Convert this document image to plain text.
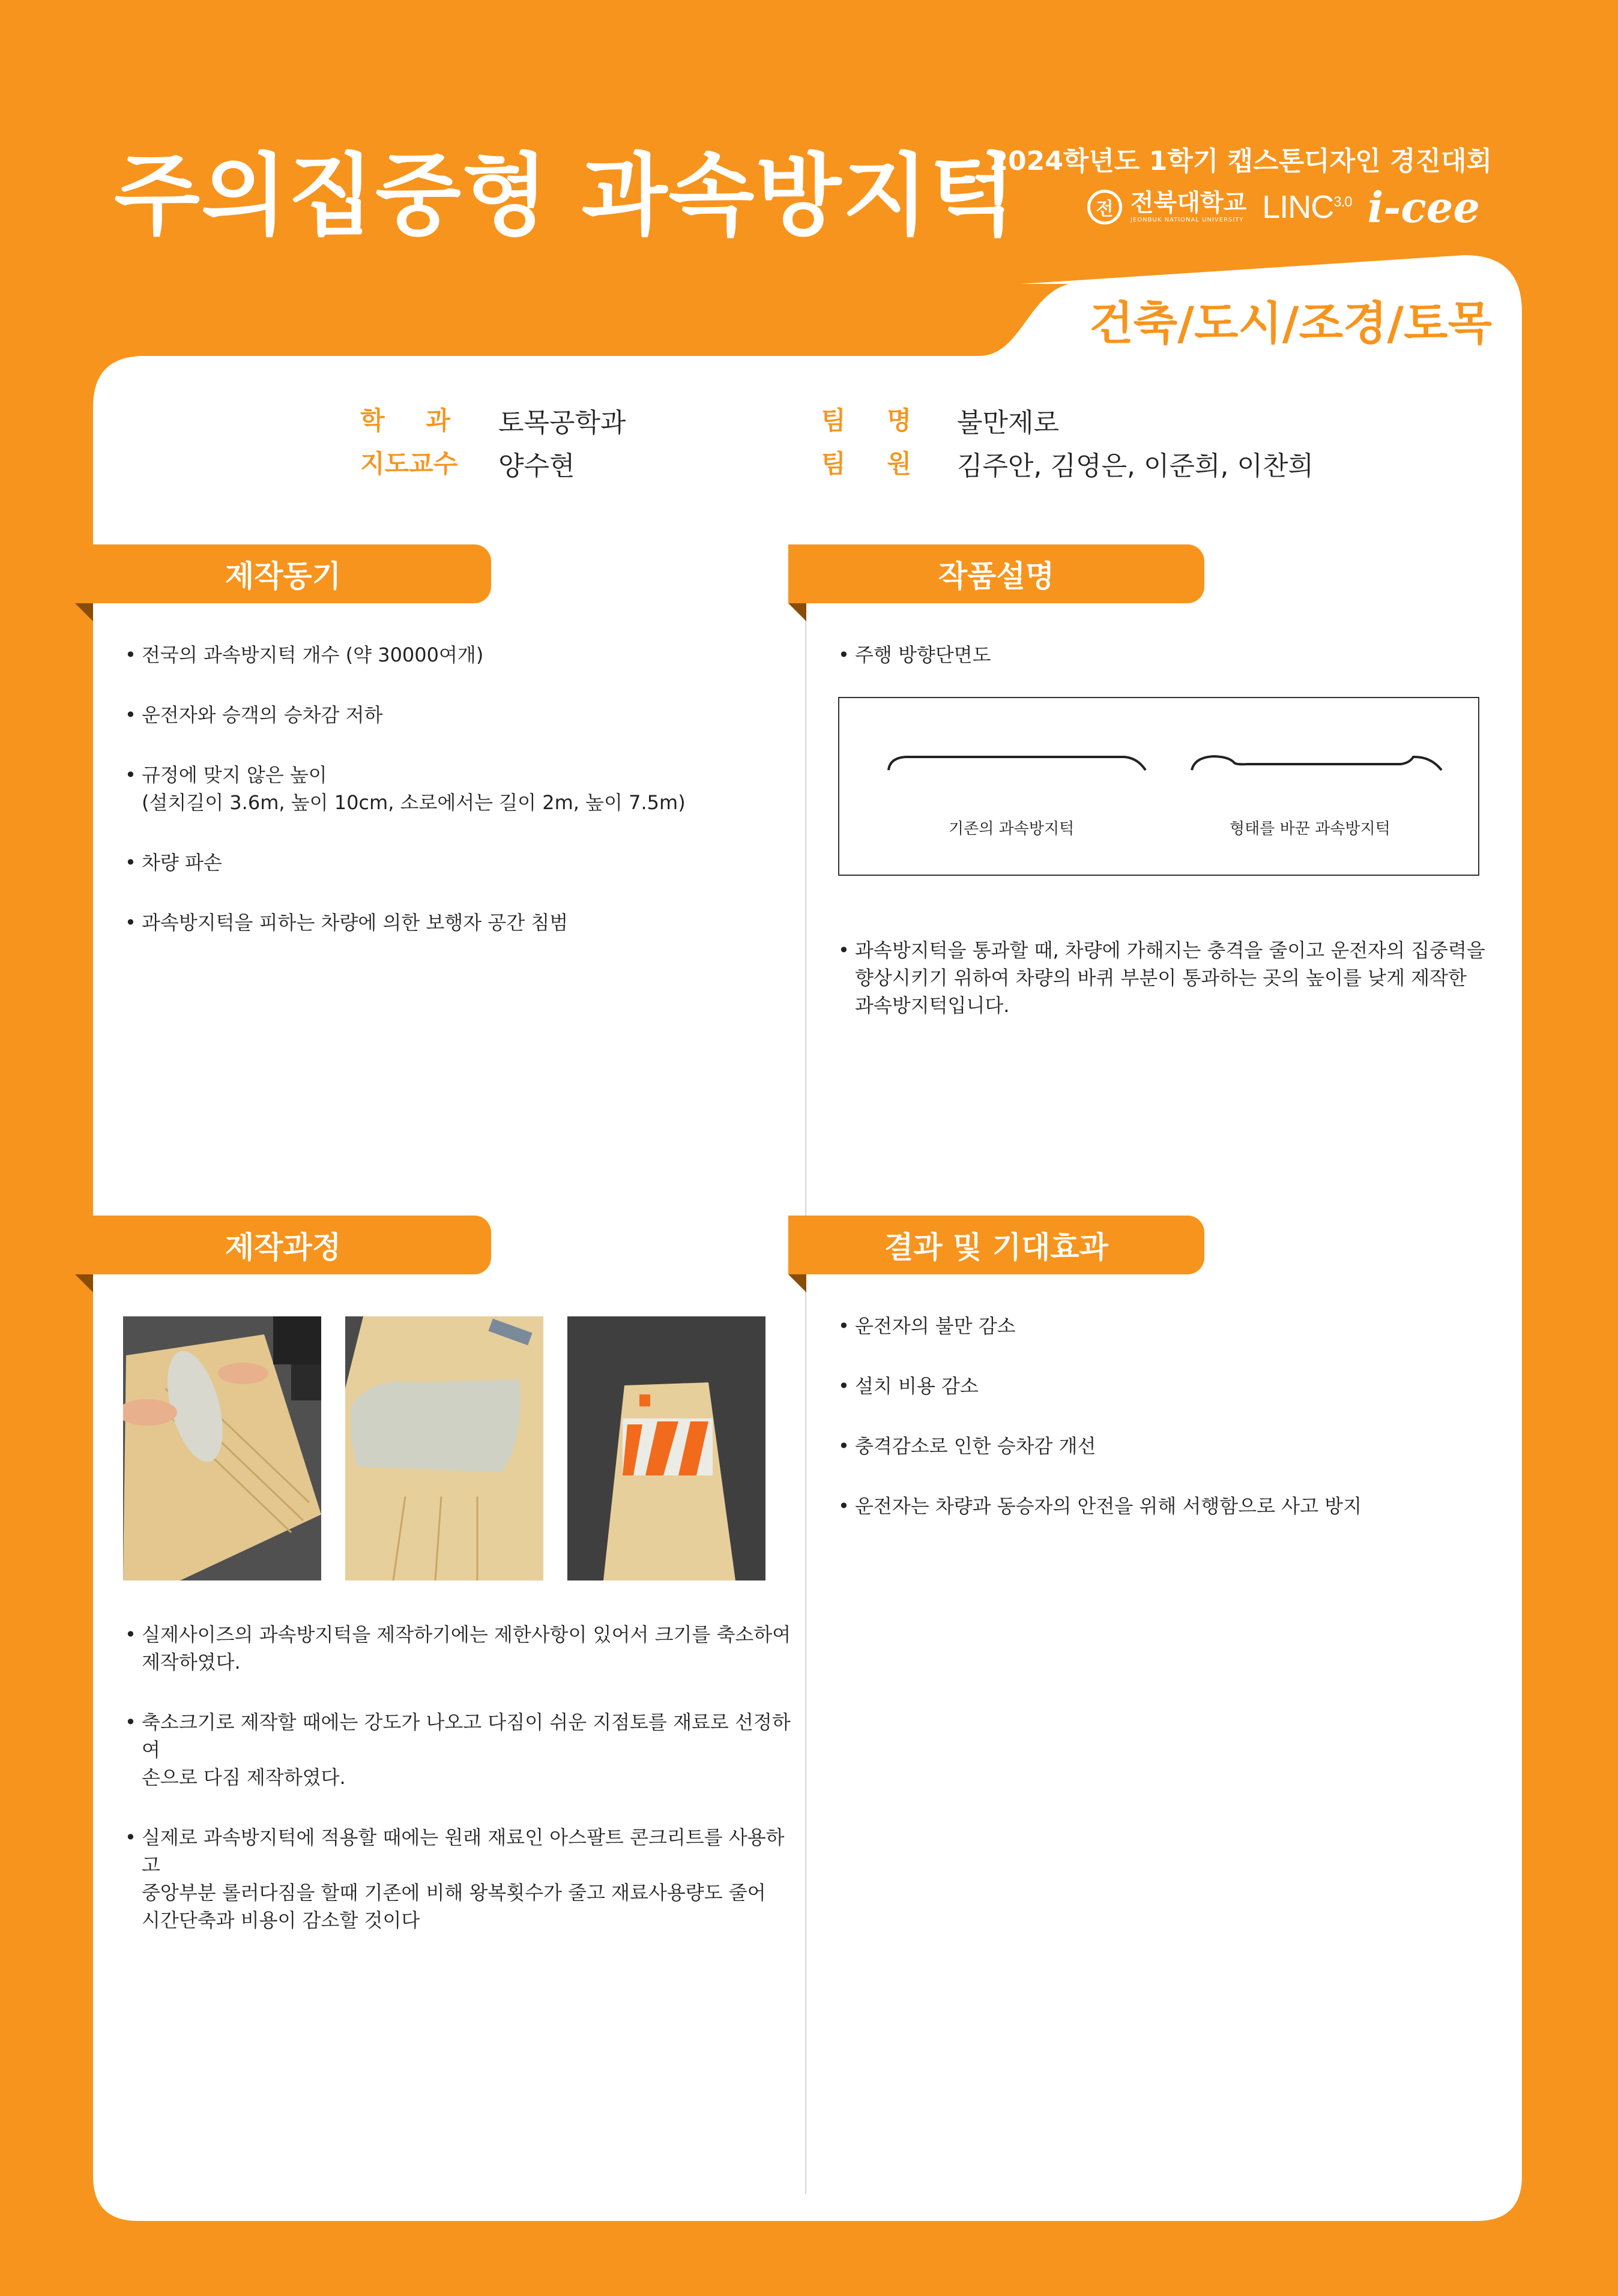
주의집중형 과속방지턱

2024학년도 1학기 캡스톤디자인 경진대회

전 전북대학교
JEONBUK NATIONAL UNIVERSITY $LINC^{3.0}$ i-cee

건축/도시/조경/토목

학 과 토목공학과
지도교수 양수현
팀 명 불만제로
팀 원 김주안, 김영은, 이준희, 이찬희
제작동기
• 전국의 과속방지턱 개수 (약 30000여개)
• 운전자와 승객의 승차감 저하
• 규정에 맞지 않은 높이
(설치길이 3.6m, 높이 10cm, 소로에서는 길이 2m, 높이 7.5m)
• 차량 파손
• 과속방지턱을 피하는 차량에 의한 보행자 공간 침범
작품설명
• 주행 방향단면도
기존의 과속방지턱	형태를 바꾼 과속방지턱
• 과속방지턱을 통과할 때, 차량에 가해지는 충격을 줄이고 운전자의 집중력을
향상시키기 위하여 차량의 바퀴 부분이 통과하는 곳의 높이를 낮게 제작한
과속방지턱입니다.
제작과정
• 실제사이즈의 과속방지턱을 제작하기에는 제한사항이 있어서 크기를 축소하여
제작하였다.
• 축소크기로 제작할 때에는 강도가 나오고 다짐이 쉬운 지점토를 재료로 선정하여
손으로 다짐 제작하였다.
• 실제로 과속방지턱에 적용할 때에는 원래 재료인 아스팔트 콘크리트를 사용하고
중앙부분 롤러다짐을 할때 기존에 비해 왕복횟수가 줄고 재료사용량도 줄어
시간단축과 비용이 감소할 것이다
결과 및 기대효과
• 운전자의 불만 감소
• 설치 비용 감소
• 충격감소로 인한 승차감 개선
• 운전자는 차량과 동승자의 안전을 위해 서행함으로 사고 방지
